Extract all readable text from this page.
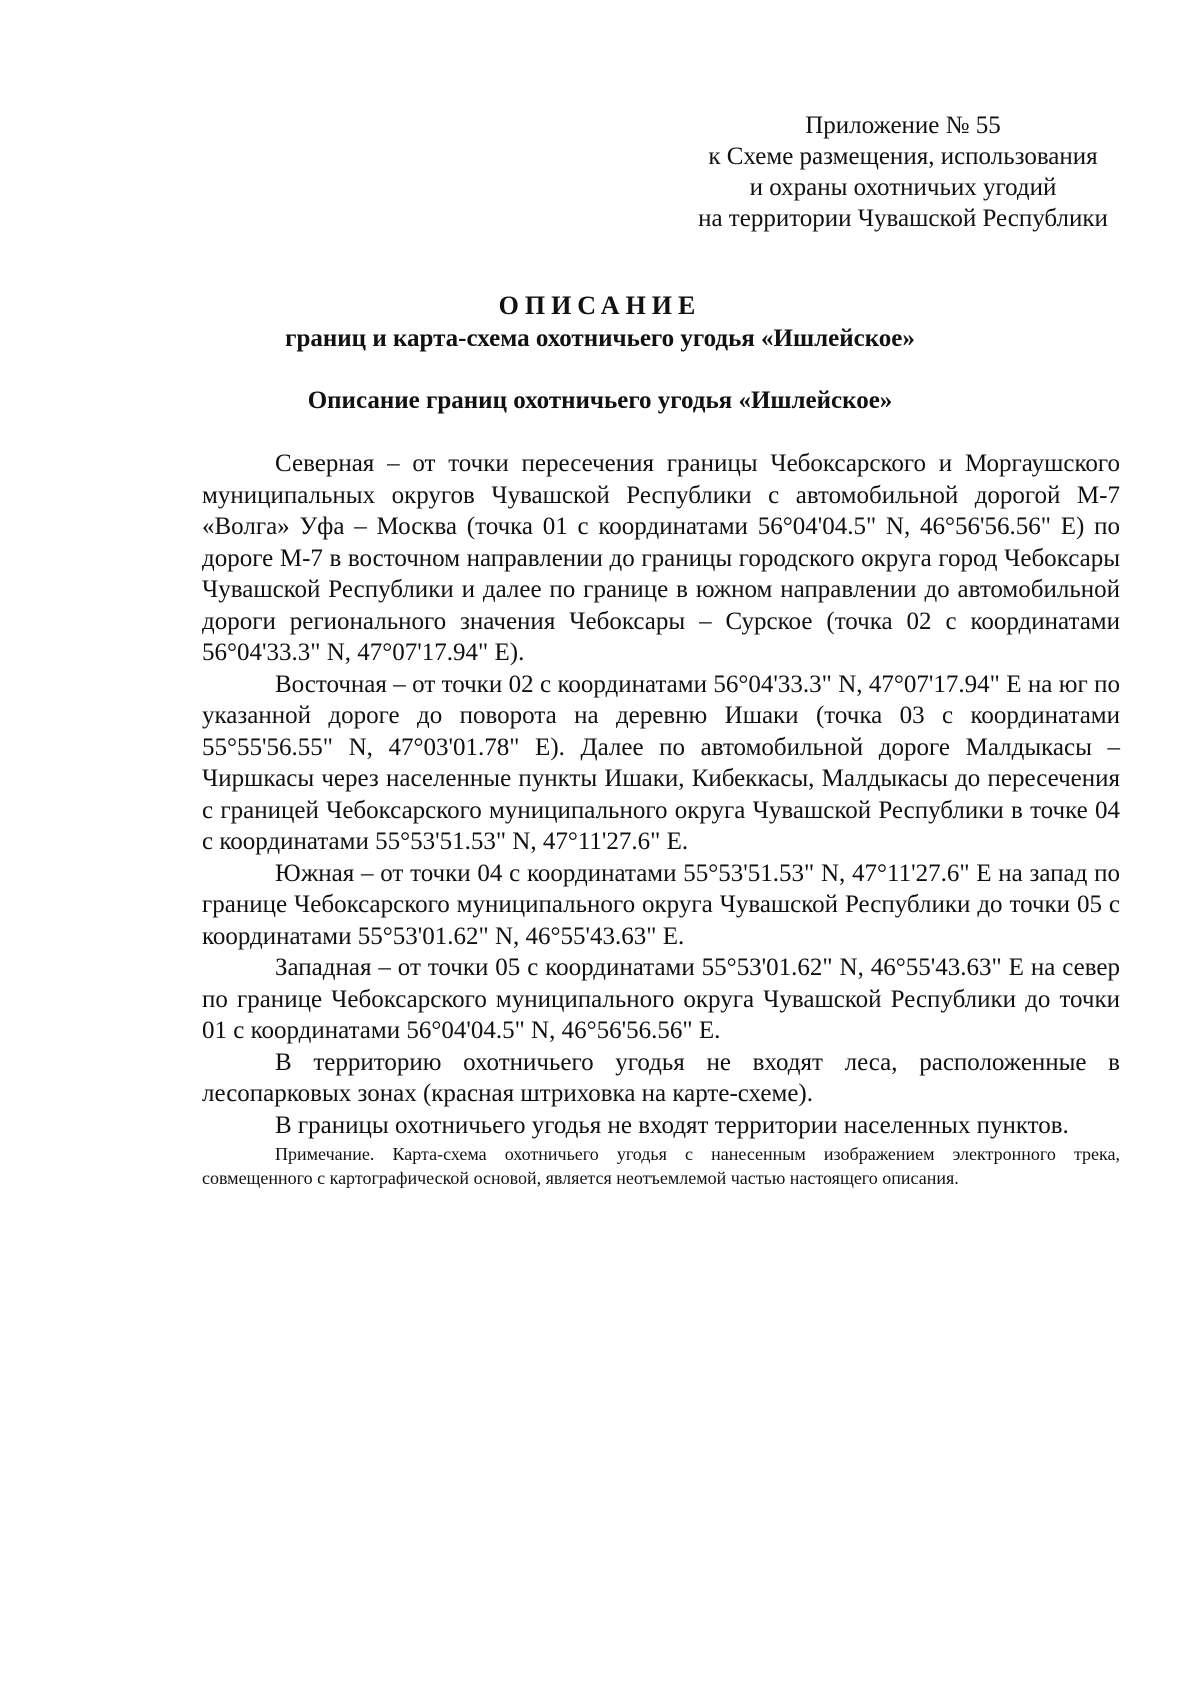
Приложение № 55
к Схеме размещения, использования
и охраны охотничьих угодий
на территории Чувашской Республики
ОПИСАНИЕ
границ и карта-схема охотничьего угодья «Ишлейское»
Описание границ охотничьего угодья «Ишлейское»

Северная – от точки пересечения границы Чебоксарского и Моргаушского муниципальных округов Чувашской Республики с автомобильной дорогой М-7 «Волга» Уфа – Москва (точка 01 с координатами 56°04'04.5" N, 46°56'56.56" E) по дороге М-7 в восточном направлении до границы городского округа город Чебоксары Чувашской Республики и далее по границе в южном направлении до автомобильной дороги регионального значения Чебоксары – Сурское (точка 02 с координатами 56°04'33.3" N, 47°07'17.94" E).

Восточная – от точки 02 с координатами 56°04'33.3" N, 47°07'17.94" E на юг по указанной дороге до поворота на деревню Ишаки (точка 03 с координатами 55°55'56.55" N, 47°03'01.78" E). Далее по автомобильной дороге Малдыкасы – Чиршкасы через населенные пункты Ишаки, Кибеккасы, Малдыкасы до пересечения с границей Чебоксарского муниципального округа Чувашской Республики в точке 04 с координатами 55°53'51.53" N, 47°11'27.6" E.

Южная – от точки 04 с координатами 55°53'51.53" N, 47°11'27.6" E на запад по границе Чебоксарского муниципального округа Чувашской Республики до точки 05 с координатами 55°53'01.62" N, 46°55'43.63" E.

Западная – от точки 05 с координатами 55°53'01.62" N, 46°55'43.63" E на север по границе Чебоксарского муниципального округа Чувашской Республики до точки 01 с координатами 56°04'04.5" N, 46°56'56.56" E.

В территорию охотничьего угодья не входят леса, расположенные в лесопарковых зонах (красная штриховка на карте-схеме).

В границы охотничьего угодья не входят территории населенных пунктов.

Примечание. Карта-схема охотничьего угодья с нанесенным изображением электронного трека, совмещенного с картографической основой, является неотъемлемой частью настоящего описания.
